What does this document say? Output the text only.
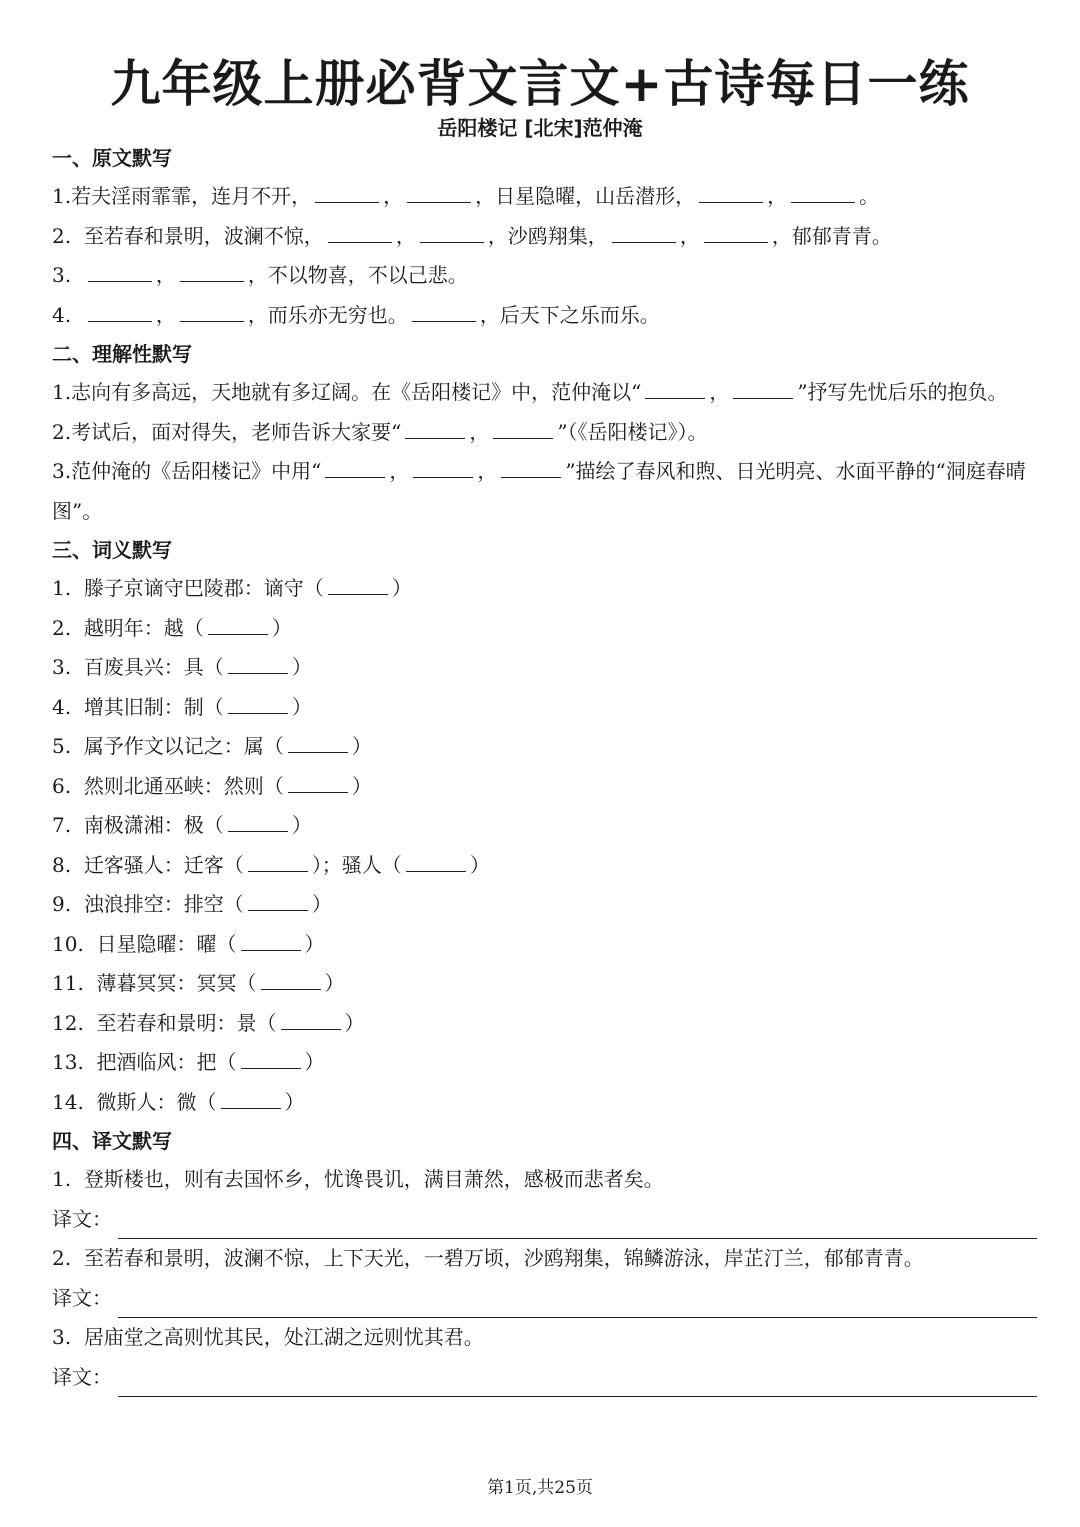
九年级上册必背文言文+古诗每日一练
岳阳楼记 [北宋]范仲淹
一、原文默写
1.若夫淫雨霏霏，连月不开，	，	，日星隐曜，山岳潜形，	，	。
2. 至若春和景明，波澜不惊，	，	，沙鸥翔集，	，	，郁郁青青。
3.	，	，不以物喜，不以己悲。
4.	，	，而乐亦无穷也。	，后天下之乐而乐。
二、理解性默写
1.志向有多高远，天地就有多辽阔。在《岳阳楼记》中，范仲淹以“	，	”抒写先忧后乐的抱负。
2.考试后，面对得失，老师告诉大家要“	，	”（《岳阳楼记》）。
3.范仲淹的《岳阳楼记》中用“	，	，	”描绘了春风和煦、日光明亮、水面平静的“洞庭春晴图”。
三、词义默写
1. 滕子京谪守巴陵郡：谪守（	）
2. 越明年：越（	）
3. 百废具兴：具（	）
4. 增其旧制：制（	）
5. 属予作文以记之：属（	）
6. 然则北通巫峡：然则（	）
7. 南极潇湘：极（	）
8. 迁客骚人：迁客（	）；骚人（	）
9. 浊浪排空：排空（	）
10. 日星隐曜：曜（	）
11. 薄暮冥冥：冥冥（	）
12. 至若春和景明：景（	）
13. 把酒临风：把（	）
14. 微斯人：微（	）
四、译文默写
1. 登斯楼也，则有去国怀乡，忧谗畏讥，满目萧然，感极而悲者矣。
译文：
2. 至若春和景明，波澜不惊，上下天光，一碧万顷，沙鸥翔集，锦鳞游泳，岸芷汀兰，郁郁青青。
译文：
3. 居庙堂之高则忧其民，处江湖之远则忧其君。
译文：
第1页,共25页
